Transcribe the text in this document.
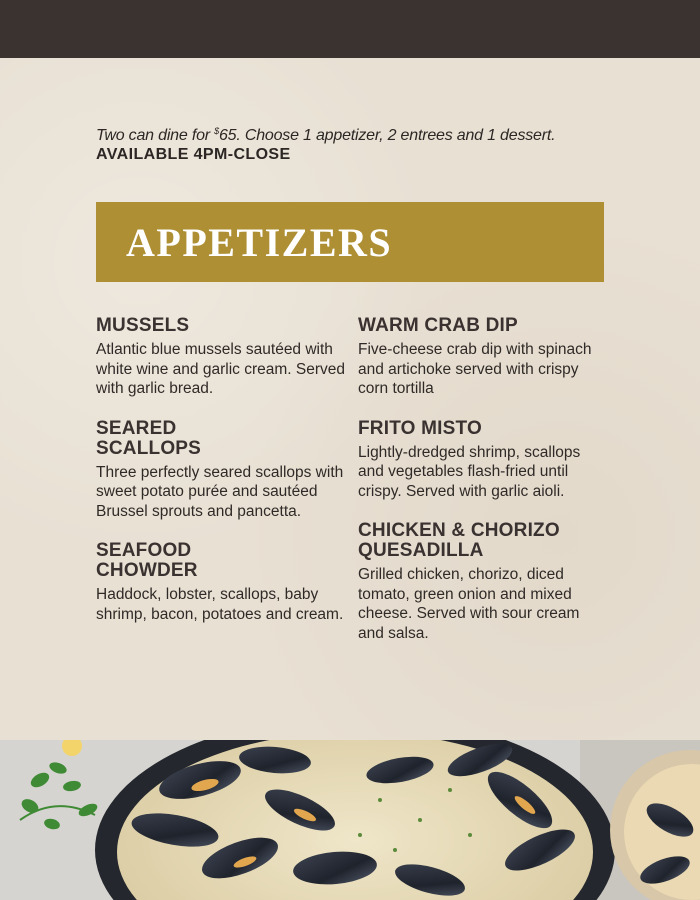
Two can dine for $65. Choose 1 appetizer, 2 entrees and 1 dessert.
AVAILABLE 4PM-CLOSE
APPETIZERS
MUSSELS
Atlantic blue mussels sautéed with white wine and garlic cream. Served with garlic bread.
SEARED SCALLOPS
Three perfectly seared scallops with sweet potato purée and sautéed Brussel sprouts and pancetta.
SEAFOOD CHOWDER
Haddock, lobster, scallops, baby shrimp, bacon, potatoes and cream.
WARM CRAB DIP
Five-cheese crab dip with spinach and artichoke served with crispy corn tortilla
FRITO MISTO
Lightly-dredged shrimp, scallops and vegetables flash-fried until crispy. Served with garlic aioli.
CHICKEN & CHORIZO QUESADILLA
Grilled chicken, chorizo, diced tomato, green onion and mixed cheese. Served with sour cream and salsa.
